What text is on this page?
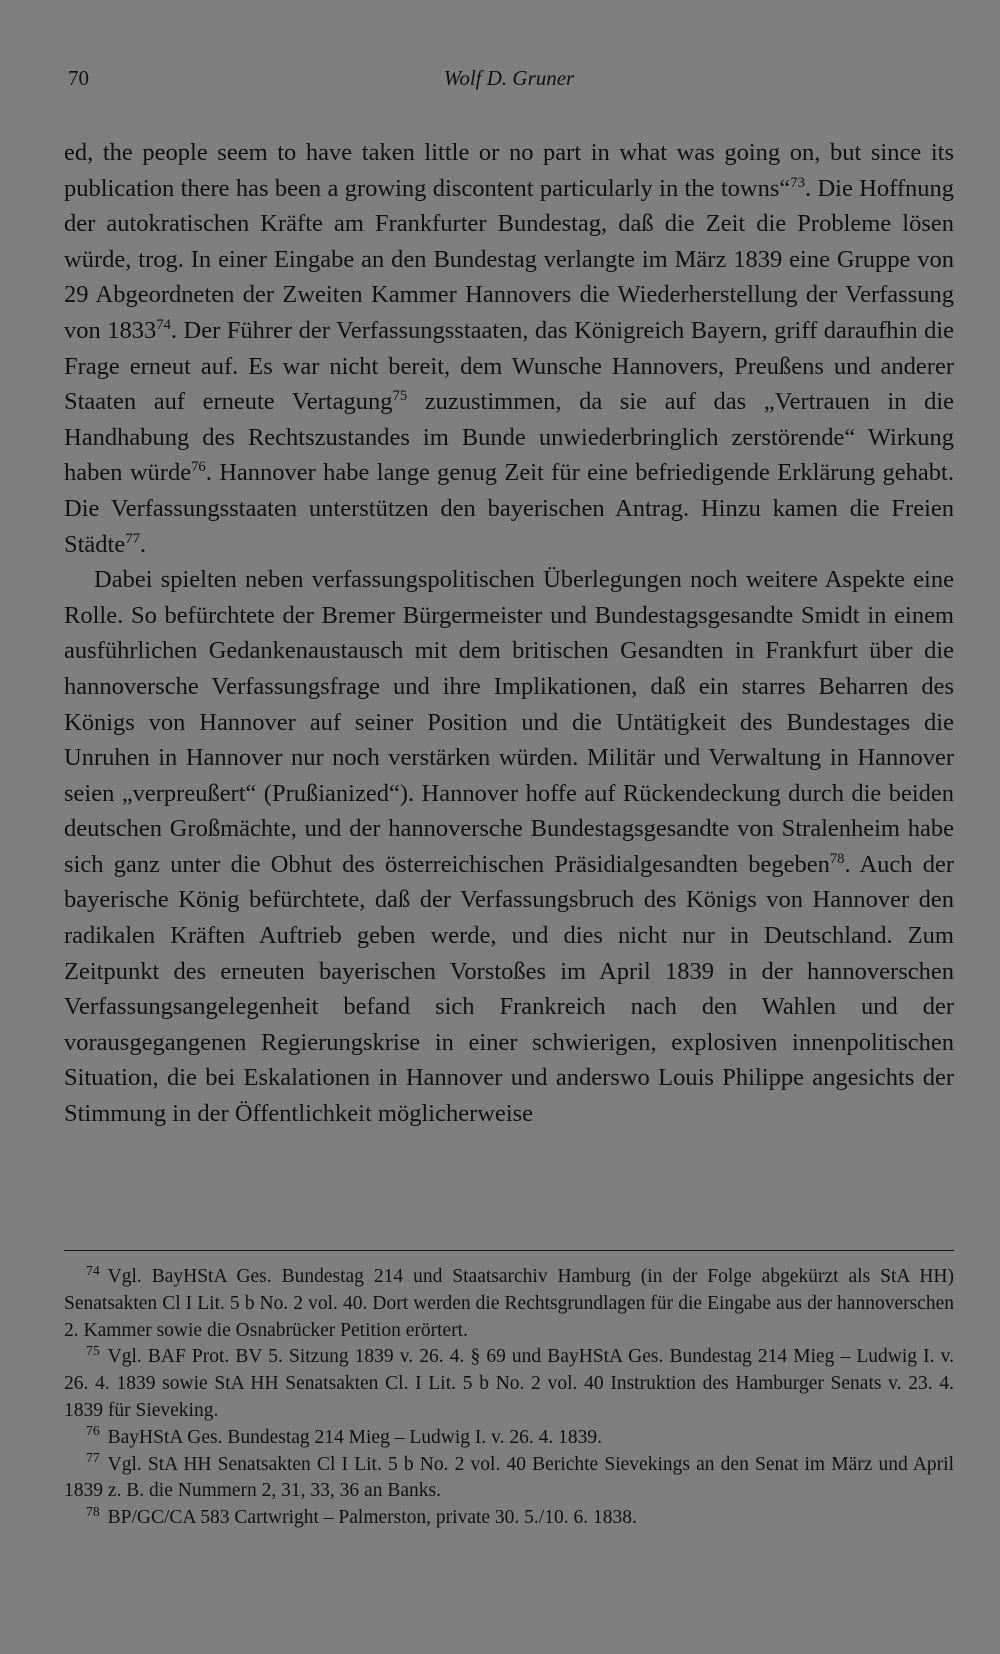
70	Wolf D. Gruner

ed, the people seem to have taken little or no part in what was going on, but since its publication there has been a growing discontent particularly in the towns“$^{73}$. Die Hoffnung der autokratischen Kräfte am Frankfurter Bundestag, daß die Zeit die Probleme lösen würde, trog. In einer Eingabe an den Bundestag verlangte im März 1839 eine Gruppe von 29 Abgeordneten der Zweiten Kammer Hannovers die Wiederherstellung der Verfassung von 1833$^{74}$. Der Führer der Verfassungsstaaten, das Königreich Bayern, griff daraufhin die Frage erneut auf. Es war nicht bereit, dem Wunsche Hannovers, Preußens und anderer Staaten auf erneute Vertagung$^{75}$ zuzustimmen, da sie auf das „Vertrauen in die Handhabung des Rechtszustandes im Bunde unwiederbringlich zerstörende“ Wirkung haben würde$^{76}$. Hannover habe lange genug Zeit für eine befriedigende Erklärung gehabt. Die Verfassungsstaaten unterstützen den bayerischen Antrag. Hinzu kamen die Freien Städte$^{77}$.

Dabei spielten neben verfassungspolitischen Überlegungen noch weitere Aspekte eine Rolle. So befürchtete der Bremer Bürgermeister und Bundestagsgesandte Smidt in einem ausführlichen Gedankenaustausch mit dem britischen Gesandten in Frankfurt über die hannoversche Verfassungsfrage und ihre Implikationen, daß ein starres Beharren des Königs von Hannover auf seiner Position und die Untätigkeit des Bundestages die Unruhen in Hannover nur noch verstärken würden. Militär und Verwaltung in Hannover seien „verpreußert“ (Prußianized“). Hannover hoffe auf Rückendeckung durch die beiden deutschen Großmächte, und der hannoversche Bundestagsgesandte von Stralenheim habe sich ganz unter die Obhut des österreichischen Präsidialgesandten begeben$^{78}$. Auch der bayerische König befürchtete, daß der Verfassungsbruch des Königs von Hannover den radikalen Kräften Auftrieb geben werde, und dies nicht nur in Deutschland. Zum Zeitpunkt des erneuten bayerischen Vorstoßes im April 1839 in der hannoverschen Verfassungsangelegenheit befand sich Frankreich nach den Wahlen und der vorausgegangenen Regierungskrise in einer schwierigen, explosiven innenpolitischen Situation, die bei Eskalationen in Hannover und anderswo Louis Philippe angesichts der Stimmung in der Öffentlichkeit möglicherweise

$^{74}$ Vgl. BayHStA Ges. Bundestag 214 und Staatsarchiv Hamburg (in der Folge abgekürzt als StA HH) Senatsakten Cl I Lit. 5 b No. 2 vol. 40. Dort werden die Rechtsgrundlagen für die Eingabe aus der hannoverschen 2. Kammer sowie die Osnabrücker Petition erörtert.

$^{75}$ Vgl. BAF Prot. BV 5. Sitzung 1839 v. 26. 4. § 69 und BayHStA Ges. Bundestag 214 Mieg – Ludwig I. v. 26. 4. 1839 sowie StA HH Senatsakten Cl. I Lit. 5 b No. 2 vol. 40 Instruktion des Hamburger Senats v. 23. 4. 1839 für Sieveking.

$^{76}$ BayHStA Ges. Bundestag 214 Mieg – Ludwig I. v. 26. 4. 1839.

$^{77}$ Vgl. StA HH Senatsakten Cl I Lit. 5 b No. 2 vol. 40 Berichte Sievekings an den Senat im März und April 1839 z. B. die Nummern 2, 31, 33, 36 an Banks.

$^{78}$ BP/GC/CA 583 Cartwright – Palmerston, private 30. 5./10. 6. 1838.
